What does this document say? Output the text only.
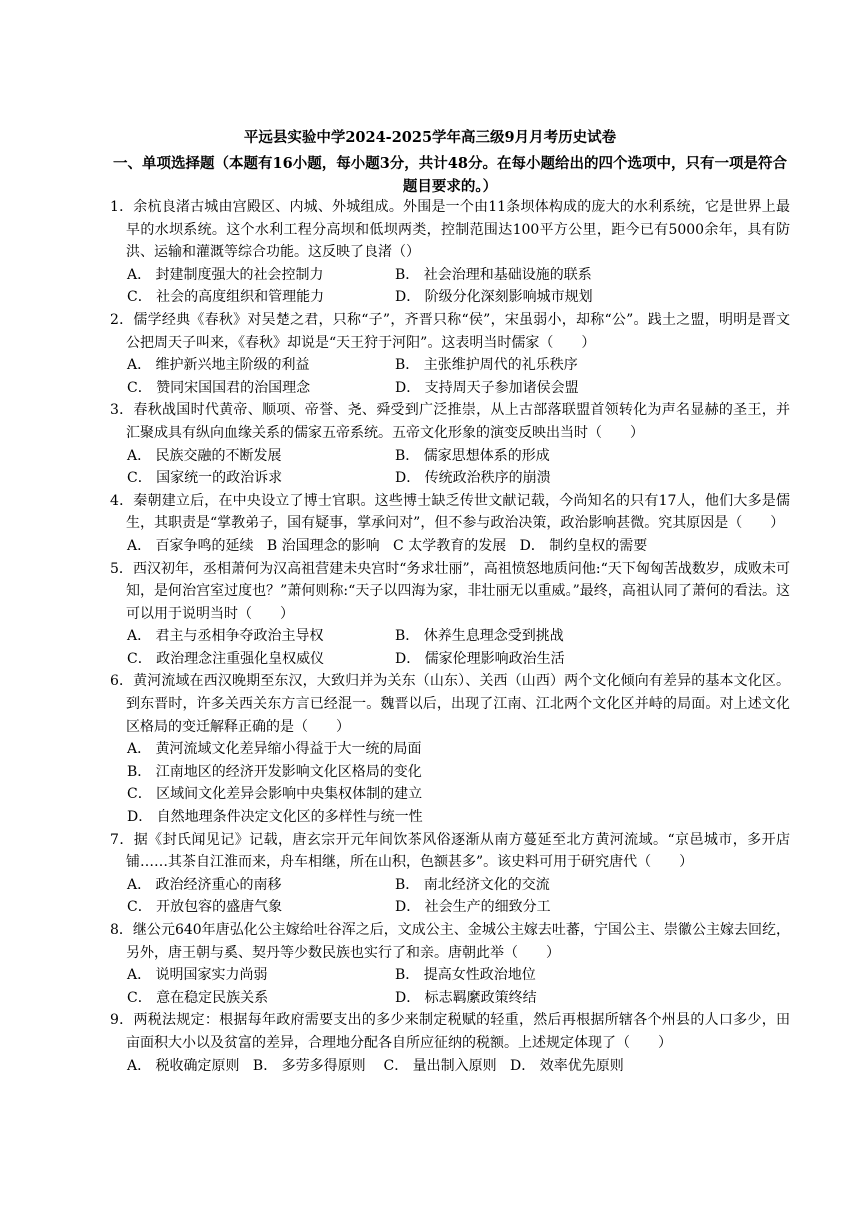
平远县实验中学2024-2025学年高三级9月月考历史试卷
一、单项选择题（本题有16小题，每小题3分，共计48分。在每小题给出的四个选项中，只有一项是符合题目要求的。）

1．余杭良渚古城由宫殿区、内城、外城组成。外围是一个由11条坝体构成的庞大的水利系统，它是世界上最早的水坝系统。这个水利工程分高坝和低坝两类，控制范围达100平方公里，距今已有5000余年，具有防洪、运输和灌溉等综合功能。这反映了良渚（）

A． 封建制度强大的社会控制力	B． 社会治理和基础设施的联系
C． 社会的高度组织和管理能力	D． 阶级分化深刻影响城市规划

2．儒学经典《春秋》对吴楚之君，只称“子”，齐晋只称“侯”，宋虽弱小，却称“公”。践土之盟，明明是晋文公把周天子叫来，《春秋》却说是“天王狩于河阳”。这表明当时儒家（　　）

A． 维护新兴地主阶级的利益	B． 主张维护周代的礼乐秩序
C． 赞同宋国国君的治国理念	D． 支持周天子参加诸侯会盟

3．春秋战国时代黄帝、顺项、帝誉、尧、舜受到广泛推崇，从上古部落联盟首领转化为声名显赫的圣王，并汇聚成具有纵向血缘关系的儒家五帝系统。五帝文化形象的演变反映出当时（　　）

A． 民族交融的不断发展	B． 儒家思想体系的形成
C． 国家统一的政治诉求	D． 传统政治秩序的崩溃

4．秦朝建立后，在中央设立了博士官职。这些博士缺乏传世文献记载，今尚知名的只有17人，他们大多是儒生，其职责是“掌教弟子，国有疑事，掌承问对”，但不参与政治决策，政治影响甚微。究其原因是（　　）

A． 百家争鸣的延续 B 治国理念的影响 C 太学教育的发展 D． 制约皇权的需要

5．西汉初年，丞相萧何为汉高祖营建未央宫时“务求壮丽”，高祖愤怒地质问他:“天下匈匈苦战数岁，成败未可知，是何治宫室过度也？”萧何则称:“天子以四海为家，非壮丽无以重威。”最终，高祖认同了萧何的看法。这可以用于说明当时（　　）

A． 君主与丞相争夺政治主导权	B． 休养生息理念受到挑战
C． 政治理念注重强化皇权威仪	D． 儒家伦理影响政治生活

6．黄河流域在西汉晚期至东汉，大致归并为关东（山东）、关西（山西）两个文化倾向有差异的基本文化区。到东晋时，许多关西关东方言已经混一。魏晋以后，出现了江南、江北两个文化区并峙的局面。对上述文化区格局的变迁解释正确的是（　　）

A． 黄河流域文化差异缩小得益于大一统的局面
B． 江南地区的经济开发影响文化区格局的变化
C． 区域间文化差异会影响中央集权体制的建立
D． 自然地理条件决定文化区的多样性与统一性

7．据《封氏闻见记》记载，唐玄宗开元年间饮茶风俗逐渐从南方蔓延至北方黄河流域。“京邑城市，多开店铺……其茶自江淮而来，舟车相继，所在山积，色额甚多”。该史料可用于研究唐代（　　）

A． 政治经济重心的南移	B． 南北经济文化的交流
C． 开放包容的盛唐气象	D． 社会生产的细致分工

8．继公元640年唐弘化公主嫁给吐谷浑之后，文成公主、金城公主嫁去吐蕃，宁国公主、崇徽公主嫁去回纥，另外，唐王朝与奚、契丹等少数民族也实行了和亲。唐朝此举（　　）

A． 说明国家实力尚弱	B． 提高女性政治地位
C． 意在稳定民族关系	D． 标志羁縻政策终结

9．两税法规定：根据每年政府需要支出的多少来制定税赋的轻重，然后再根据所辖各个州县的人口多少，田亩面积大小以及贫富的差异，合理地分配各自所应征纳的税额。上述规定体现了（　　）

A． 税收确定原则 B． 多劳多得原则 C． 量出制入原则 D． 效率优先原则
